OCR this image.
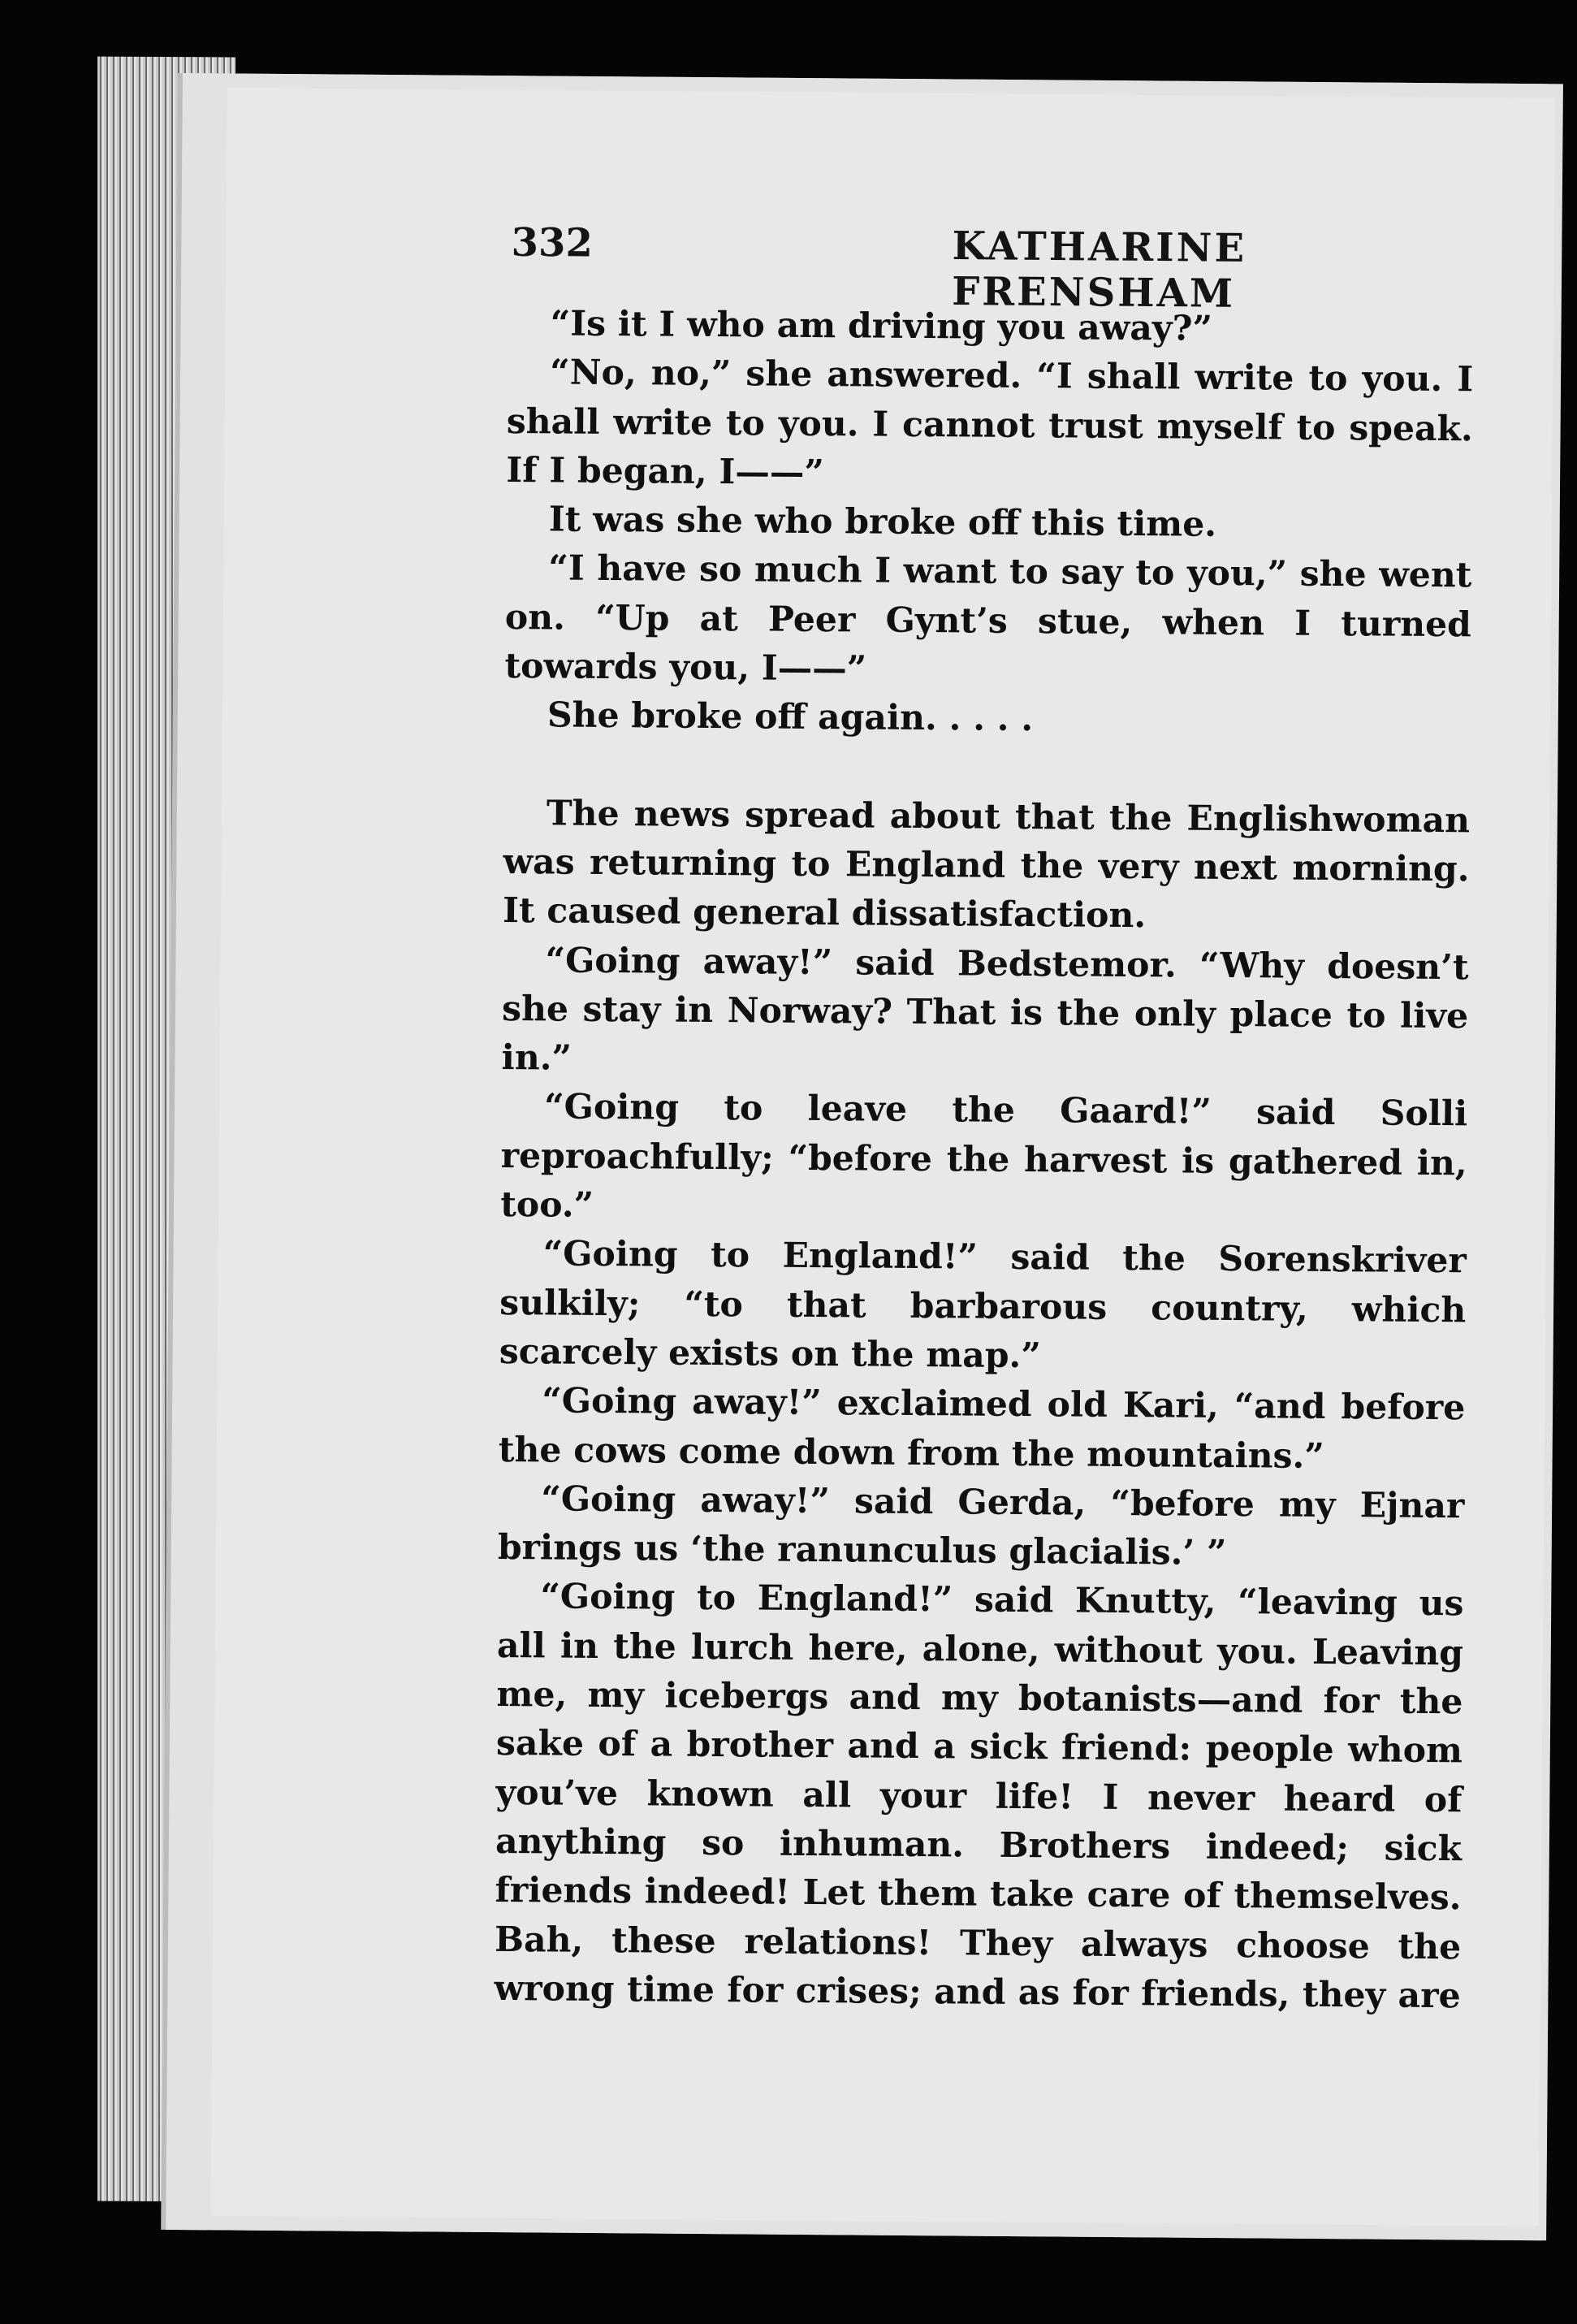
332	KATHARINE FRENSHAM

“Is it I who am driving you away?”

“No, no,” she answered. “I shall write to you. I shall write to you. I cannot trust myself to speak. If I began, I——”

It was she who broke off this time.

“I have so much I want to say to you,” she went on. “Up at Peer Gynt’s stue, when I turned towards you, I——”

She broke off again. . . . .

The news spread about that the Englishwoman was returning to England the very next morning. It caused general dissatisfaction.

“Going away!” said Bedstemor. “Why doesn’t she stay in Norway? That is the only place to live in.”

“Going to leave the Gaard!” said Solli reproachfully; “before the harvest is gathered in, too.”

“Going to England!” said the Sorenskriver sulkily; “to that barbarous country, which scarcely exists on the map.”

“Going away!” exclaimed old Kari, “and before the cows come down from the mountains.”

“Going away!” said Gerda, “before my Ejnar brings us ‘the ranunculus glacialis.’ ”

“Going to England!” said Knutty, “leaving us all in the lurch here, alone, without you. Leaving me, my icebergs and my botanists—and for the sake of a brother and a sick friend: people whom you’ve known all your life! I never heard of anything so inhuman. Brothers indeed; sick friends indeed! Let them take care of themselves. Bah, these relations! They always choose the wrong time for crises; and as for friends, they are
